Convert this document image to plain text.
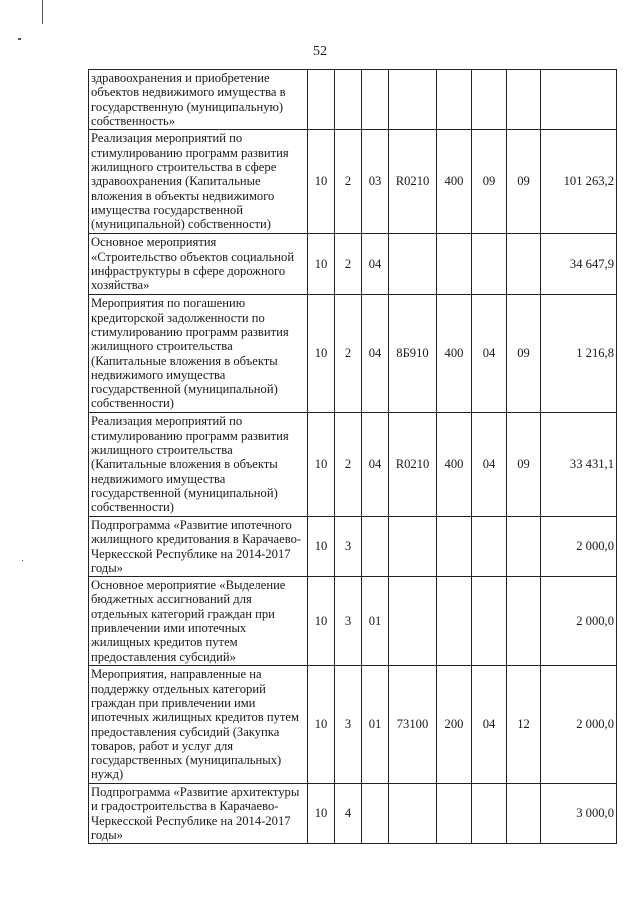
52
здравоохранения и приобретение объектов недвижимого имущества в государственную (муниципальную) собственность»								
Реализация мероприятий по стимулированию программ развития жилищного строительства в сфере здравоохранения (Капитальные вложения в объекты недвижимого имущества государственной (муниципальной) собственности)	10	2	03	R0210	400	09	09	101 263,2
Основное мероприятия «Строительство объектов социальной инфраструктуры в сфере дорожного хозяйства»	10	2	04					34 647,9
Мероприятия по погашению кредиторской задолженности по стимулированию программ развития жилищного строительства (Капитальные вложения в объекты недвижимого имущества государственной (муниципальной) собственности)	10	2	04	8Б910	400	04	09	1 216,8
Реализация мероприятий по стимулированию программ развития жилищного строительства (Капитальные вложения в объекты недвижимого имущества государственной (муниципальной) собственности)	10	2	04	R0210	400	04	09	33 431,1
Подпрограмма «Развитие ипотечного жилищного кредитования в Карачаево-Черкесской Республике на 2014-2017 годы»	10	3						2 000,0
Основное мероприятие «Выделение бюджетных ассигнований для отдельных категорий граждан при привлечении ими ипотечных жилищных кредитов путем предоставления субсидий»	10	3	01					2 000,0
Мероприятия, направленные на поддержку отдельных категорий граждан при привлечении ими ипотечных жилищных кредитов путем предоставления субсидий (Закупка товаров, работ и услуг для государственных (муниципальных) нужд)	10	3	01	73100	200	04	12	2 000,0
Подпрограмма «Развитие архитектуры и градостроительства в Карачаево-Черкесской Республике на 2014-2017 годы»	10	4						3 000,0
